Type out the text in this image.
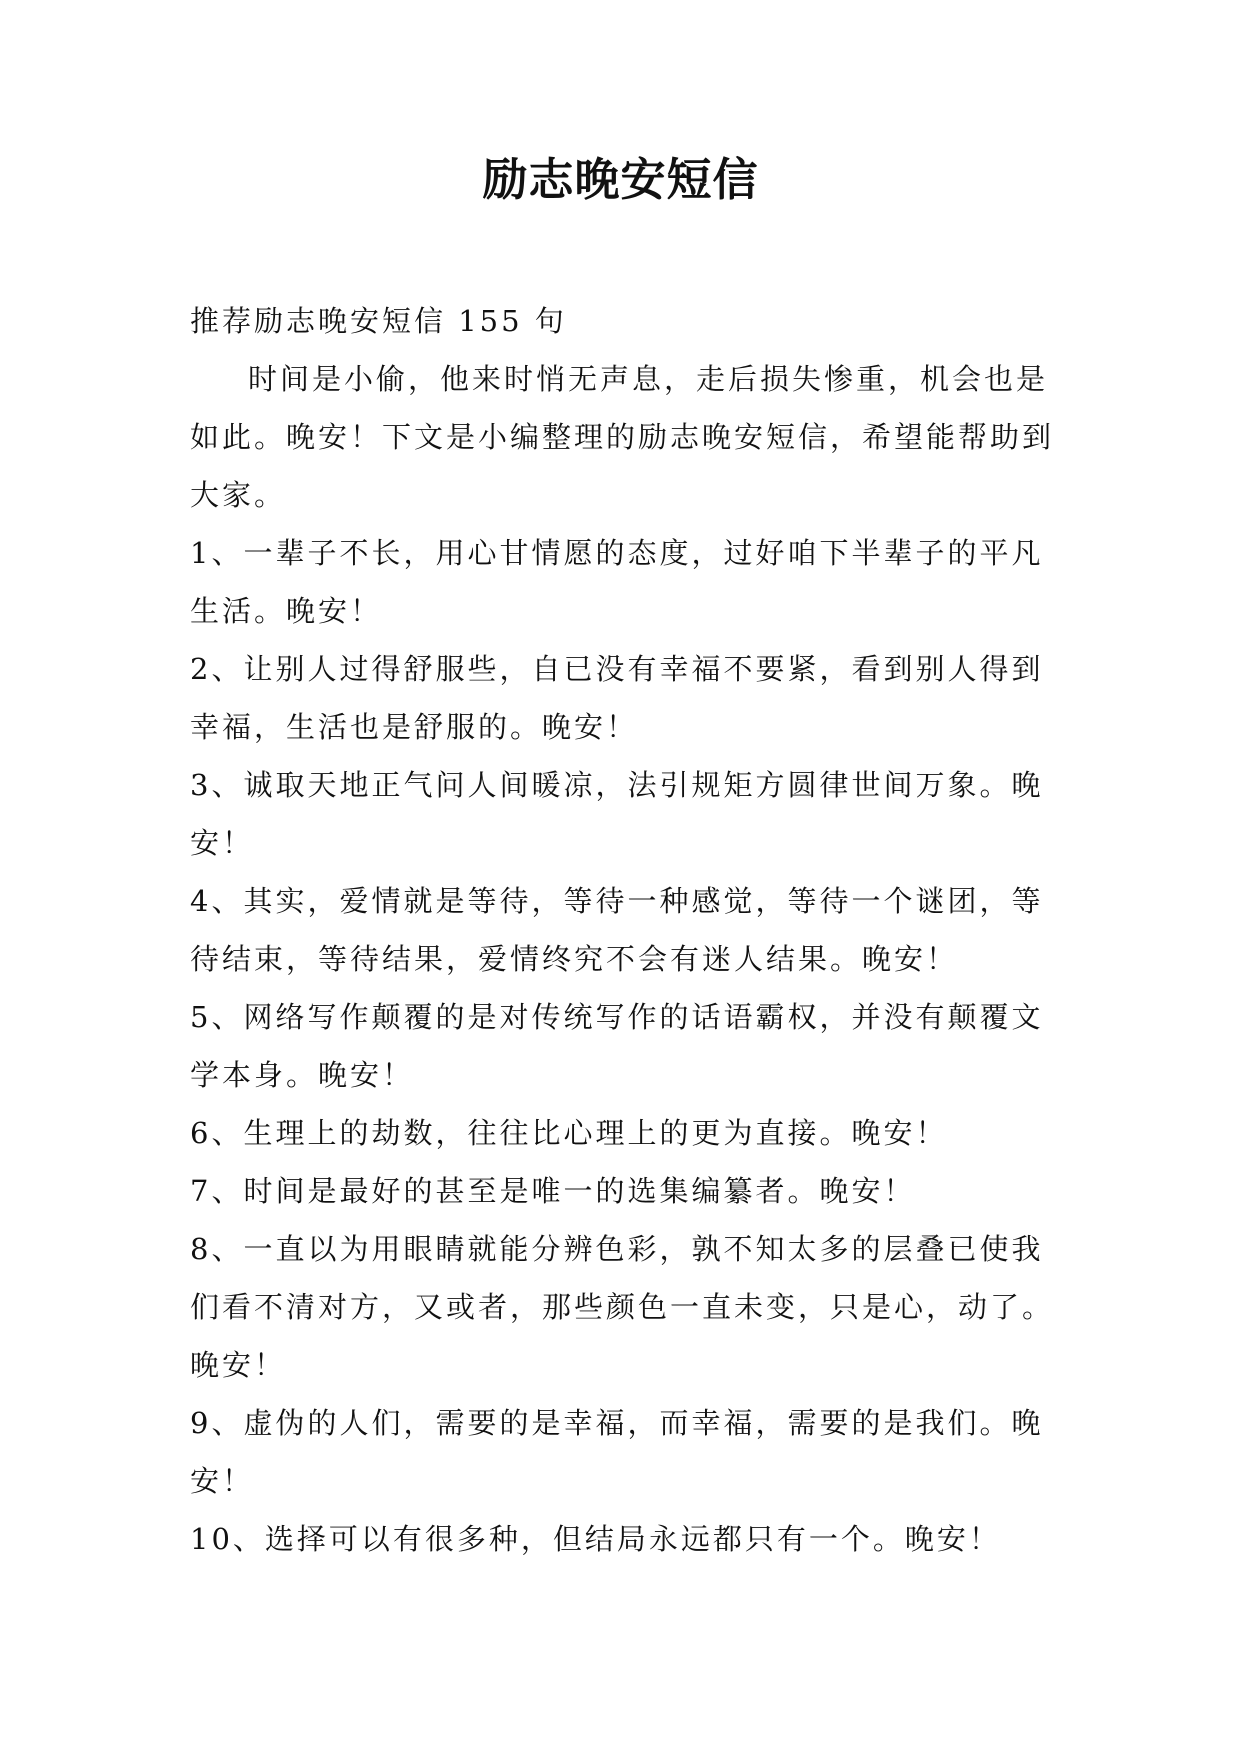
励志晚安短信

推荐励志晚安短信 155 句

时间是小偷，他来时悄无声息，走后损失惨重，机会也是如此。晚安！下文是小编整理的励志晚安短信，希望能帮助到大家。

1、一辈子不长，用心甘情愿的态度，过好咱下半辈子的平凡生活。晚安！

2、让别人过得舒服些，自已没有幸福不要紧，看到别人得到幸福，生活也是舒服的。晚安！

3、诚取天地正气问人间暖凉，法引规矩方圆律世间万象。晚安！

4、其实，爱情就是等待，等待一种感觉，等待一个谜团，等待结束，等待结果，爱情终究不会有迷人结果。晚安！

5、网络写作颠覆的是对传统写作的话语霸权，并没有颠覆文学本身。晚安！

6、生理上的劫数，往往比心理上的更为直接。晚安！

7、时间是最好的甚至是唯一的选集编纂者。晚安！

8、一直以为用眼睛就能分辨色彩，孰不知太多的层叠已使我们看不清对方，又或者，那些颜色一直未变，只是心，动了。晚安！

9、虚伪的人们，需要的是幸福，而幸福，需要的是我们。晚安！

10、选择可以有很多种，但结局永远都只有一个。晚安！
